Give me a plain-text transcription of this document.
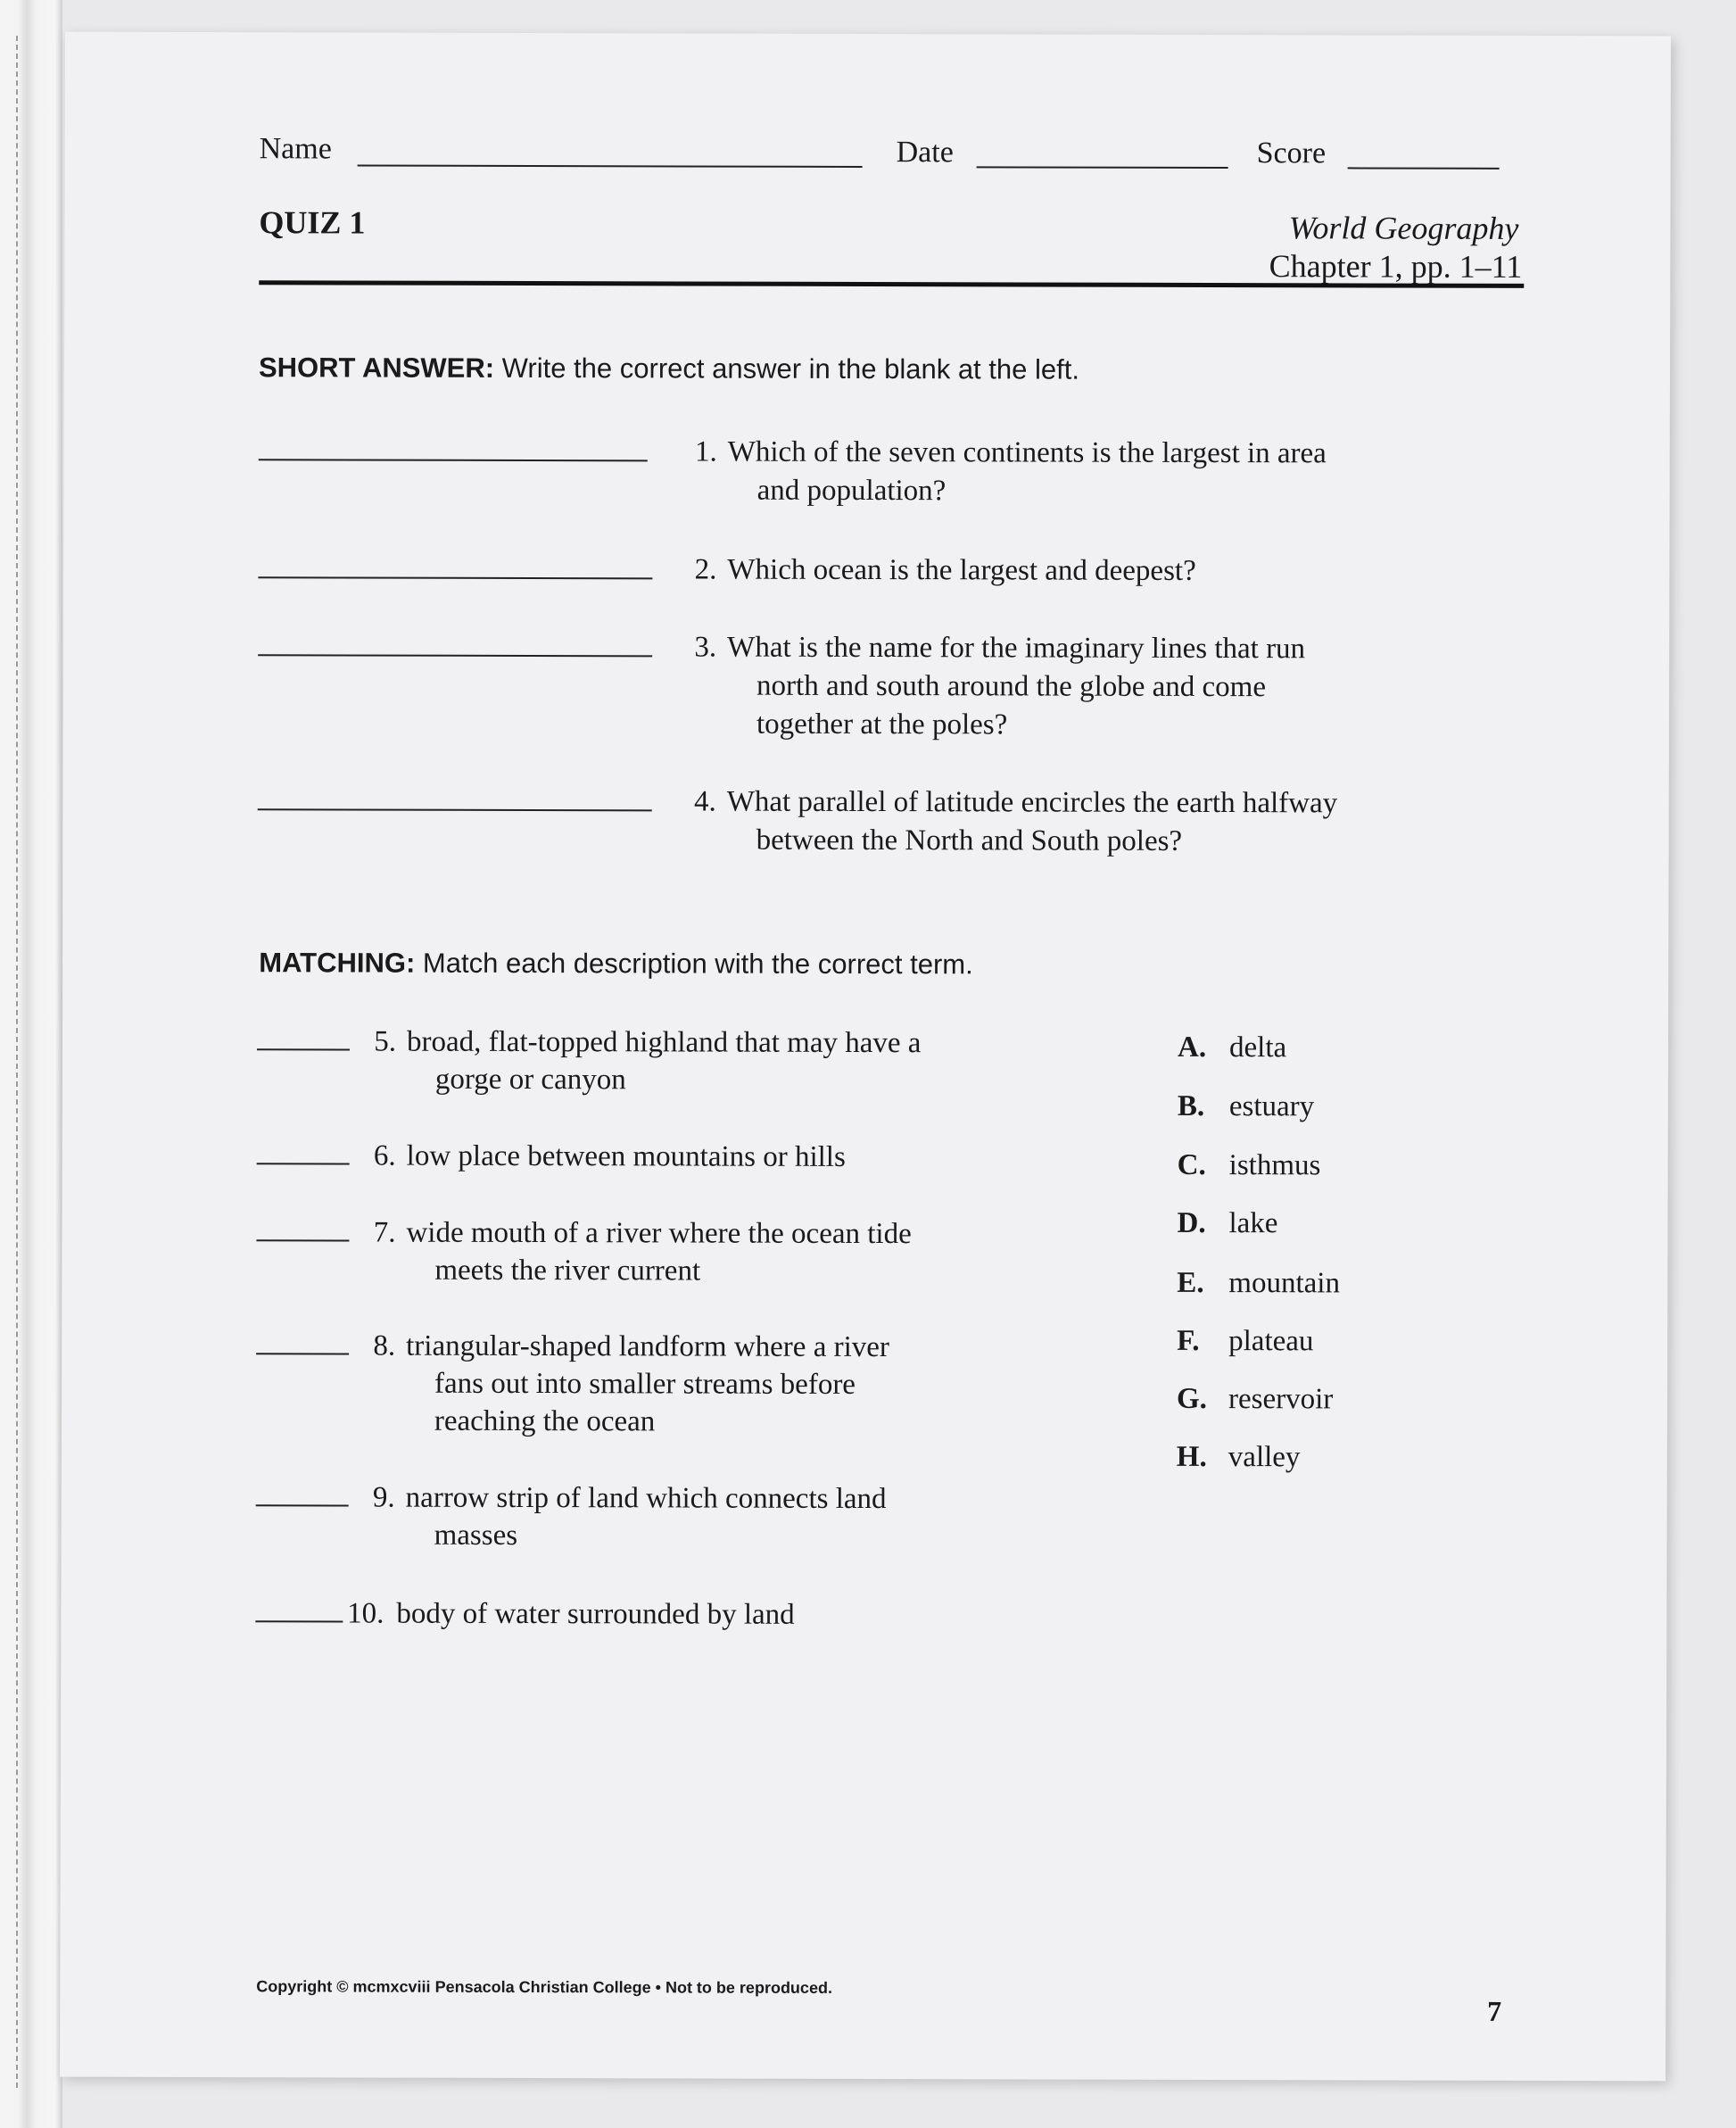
Name	Date	Score
QUIZ 1	World Geography
Chapter 1, pp. 1–11
SHORT ANSWER: Write the correct answer in the blank at the left.
1. Which of the seven continents is the largest in area
and population?
2. Which ocean is the largest and deepest?
3. What is the name for the imaginary lines that run
north and south around the globe and come
together at the poles?
4. What parallel of latitude encircles the earth halfway
between the North and South poles?
MATCHING: Match each description with the correct term.
5. broad, flat-topped highland that may have a
gorge or canyon
6. low place between mountains or hills
7. wide mouth of a river where the ocean tide
meets the river current
8. triangular-shaped landform where a river
fans out into smaller streams before
reaching the ocean
9. narrow strip of land which connects land
masses
10. body of water surrounded by land
A. delta
B. estuary
C. isthmus
D. lake
E. mountain
F. plateau
G. reservoir
H. valley
Copyright © mcmxcviii Pensacola Christian College • Not to be reproduced.
7
